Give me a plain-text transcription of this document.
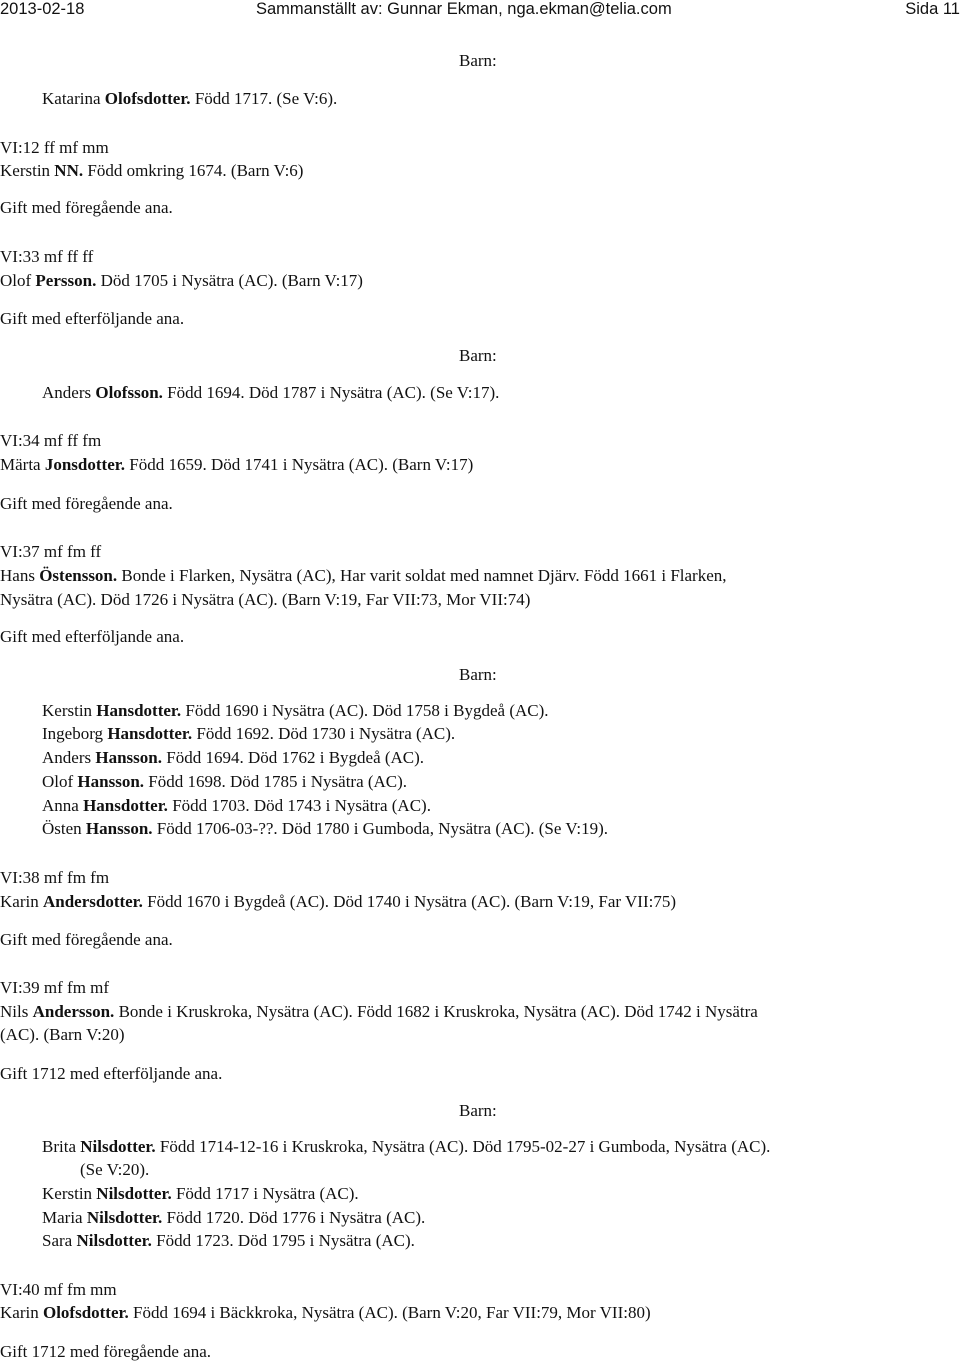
2013-02-18	Sammanställt av: Gunnar Ekman, nga.ekman@telia.com	Sida 11
Barn:
Katarina Olofsdotter. Född 1717. (Se V:6).
VI:12 ff mf mm
Kerstin NN. Född omkring 1674. (Barn V:6)
Gift med föregående ana.
VI:33 mf ff ff
Olof Persson. Död 1705 i Nysätra (AC). (Barn V:17)
Gift med efterföljande ana.
Barn:
Anders Olofsson. Född 1694. Död 1787 i Nysätra (AC). (Se V:17).
VI:34 mf ff fm
Märta Jonsdotter. Född 1659. Död 1741 i Nysätra (AC). (Barn V:17)
Gift med föregående ana.
VI:37 mf fm ff
Hans Östensson. Bonde i Flarken, Nysätra (AC), Har varit soldat med namnet Djärv. Född 1661 i Flarken,
Nysätra (AC). Död 1726 i Nysätra (AC). (Barn V:19, Far VII:73, Mor VII:74)
Gift med efterföljande ana.
Barn:
Kerstin Hansdotter. Född 1690 i Nysätra (AC). Död 1758 i Bygdeå (AC).
Ingeborg Hansdotter. Född 1692. Död 1730 i Nysätra (AC).
Anders Hansson. Född 1694. Död 1762 i Bygdeå (AC).
Olof Hansson. Född 1698. Död 1785 i Nysätra (AC).
Anna Hansdotter. Född 1703. Död 1743 i Nysätra (AC).
Östen Hansson. Född 1706-03-??. Död 1780 i Gumboda, Nysätra (AC). (Se V:19).
VI:38 mf fm fm
Karin Andersdotter. Född 1670 i Bygdeå (AC). Död 1740 i Nysätra (AC). (Barn V:19, Far VII:75)
Gift med föregående ana.
VI:39 mf fm mf
Nils Andersson. Bonde i Kruskroka, Nysätra (AC). Född 1682 i Kruskroka, Nysätra (AC). Död 1742 i Nysätra
(AC). (Barn V:20)
Gift 1712 med efterföljande ana.
Barn:
Brita Nilsdotter. Född 1714-12-16 i Kruskroka, Nysätra (AC). Död 1795-02-27 i Gumboda, Nysätra (AC).
(Se V:20).
Kerstin Nilsdotter. Född 1717 i Nysätra (AC).
Maria Nilsdotter. Född 1720. Död 1776 i Nysätra (AC).
Sara Nilsdotter. Född 1723. Död 1795 i Nysätra (AC).
VI:40 mf fm mm
Karin Olofsdotter. Född 1694 i Bäckkroka, Nysätra (AC). (Barn V:20, Far VII:79, Mor VII:80)
Gift 1712 med föregående ana.
